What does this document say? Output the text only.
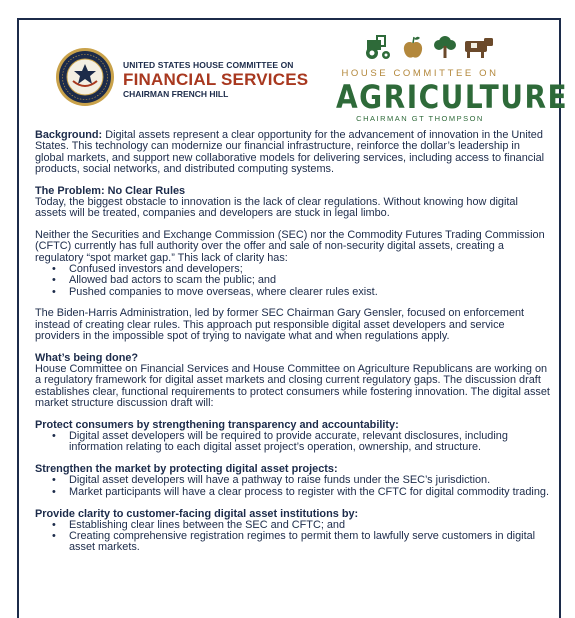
UNITED STATES HOUSE COMMITTEE ON
FINANCIAL SERVICES
CHAIRMAN FRENCH HILL
HOUSE COMMITTEE ON
AGRICULTURE
CHAIRMAN GT THOMPSON

Background: Digital assets represent a clear opportunity for the advancement of innovation in the United States. This technology can modernize our financial infrastructure, reinforce the dollar’s leadership in global markets, and support new collaborative models for delivering services, including access to financial products, social networks, and distributed computing systems.

The Problem: No Clear Rules

Today, the biggest obstacle to innovation is the lack of clear regulations. Without knowing how digital assets will be treated, companies and developers are stuck in legal limbo.

Neither the Securities and Exchange Commission (SEC) nor the Commodity Futures Trading Commission (CFTC) currently has full authority over the offer and sale of non-security digital assets, creating a regulatory “spot market gap.” This lack of clarity has:

• Confused investors and developers;
• Allowed bad actors to scam the public; and
• Pushed companies to move overseas, where clearer rules exist.

The Biden-Harris Administration, led by former SEC Chairman Gary Gensler, focused on enforcement instead of creating clear rules. This approach put responsible digital asset developers and service providers in the impossible spot of trying to navigate what and when regulations apply.

What’s being done?

House Committee on Financial Services and House Committee on Agriculture Republicans are working on a regulatory framework for digital asset markets and closing current regulatory gaps. The discussion draft establishes clear, functional requirements to protect consumers while fostering innovation. The digital asset market structure discussion draft will:

Protect consumers by strengthening transparency and accountability:

• Digital asset developers will be required to provide accurate, relevant disclosures, including information relating to each digital asset project’s operation, ownership, and structure.

Strengthen the market by protecting digital asset projects:

• Digital asset developers will have a pathway to raise funds under the SEC’s jurisdiction.
• Market participants will have a clear process to register with the CFTC for digital commodity trading.

Provide clarity to customer-facing digital asset institutions by:

• Establishing clear lines between the SEC and CFTC; and
• Creating comprehensive registration regimes to permit them to lawfully serve customers in digital asset markets.
